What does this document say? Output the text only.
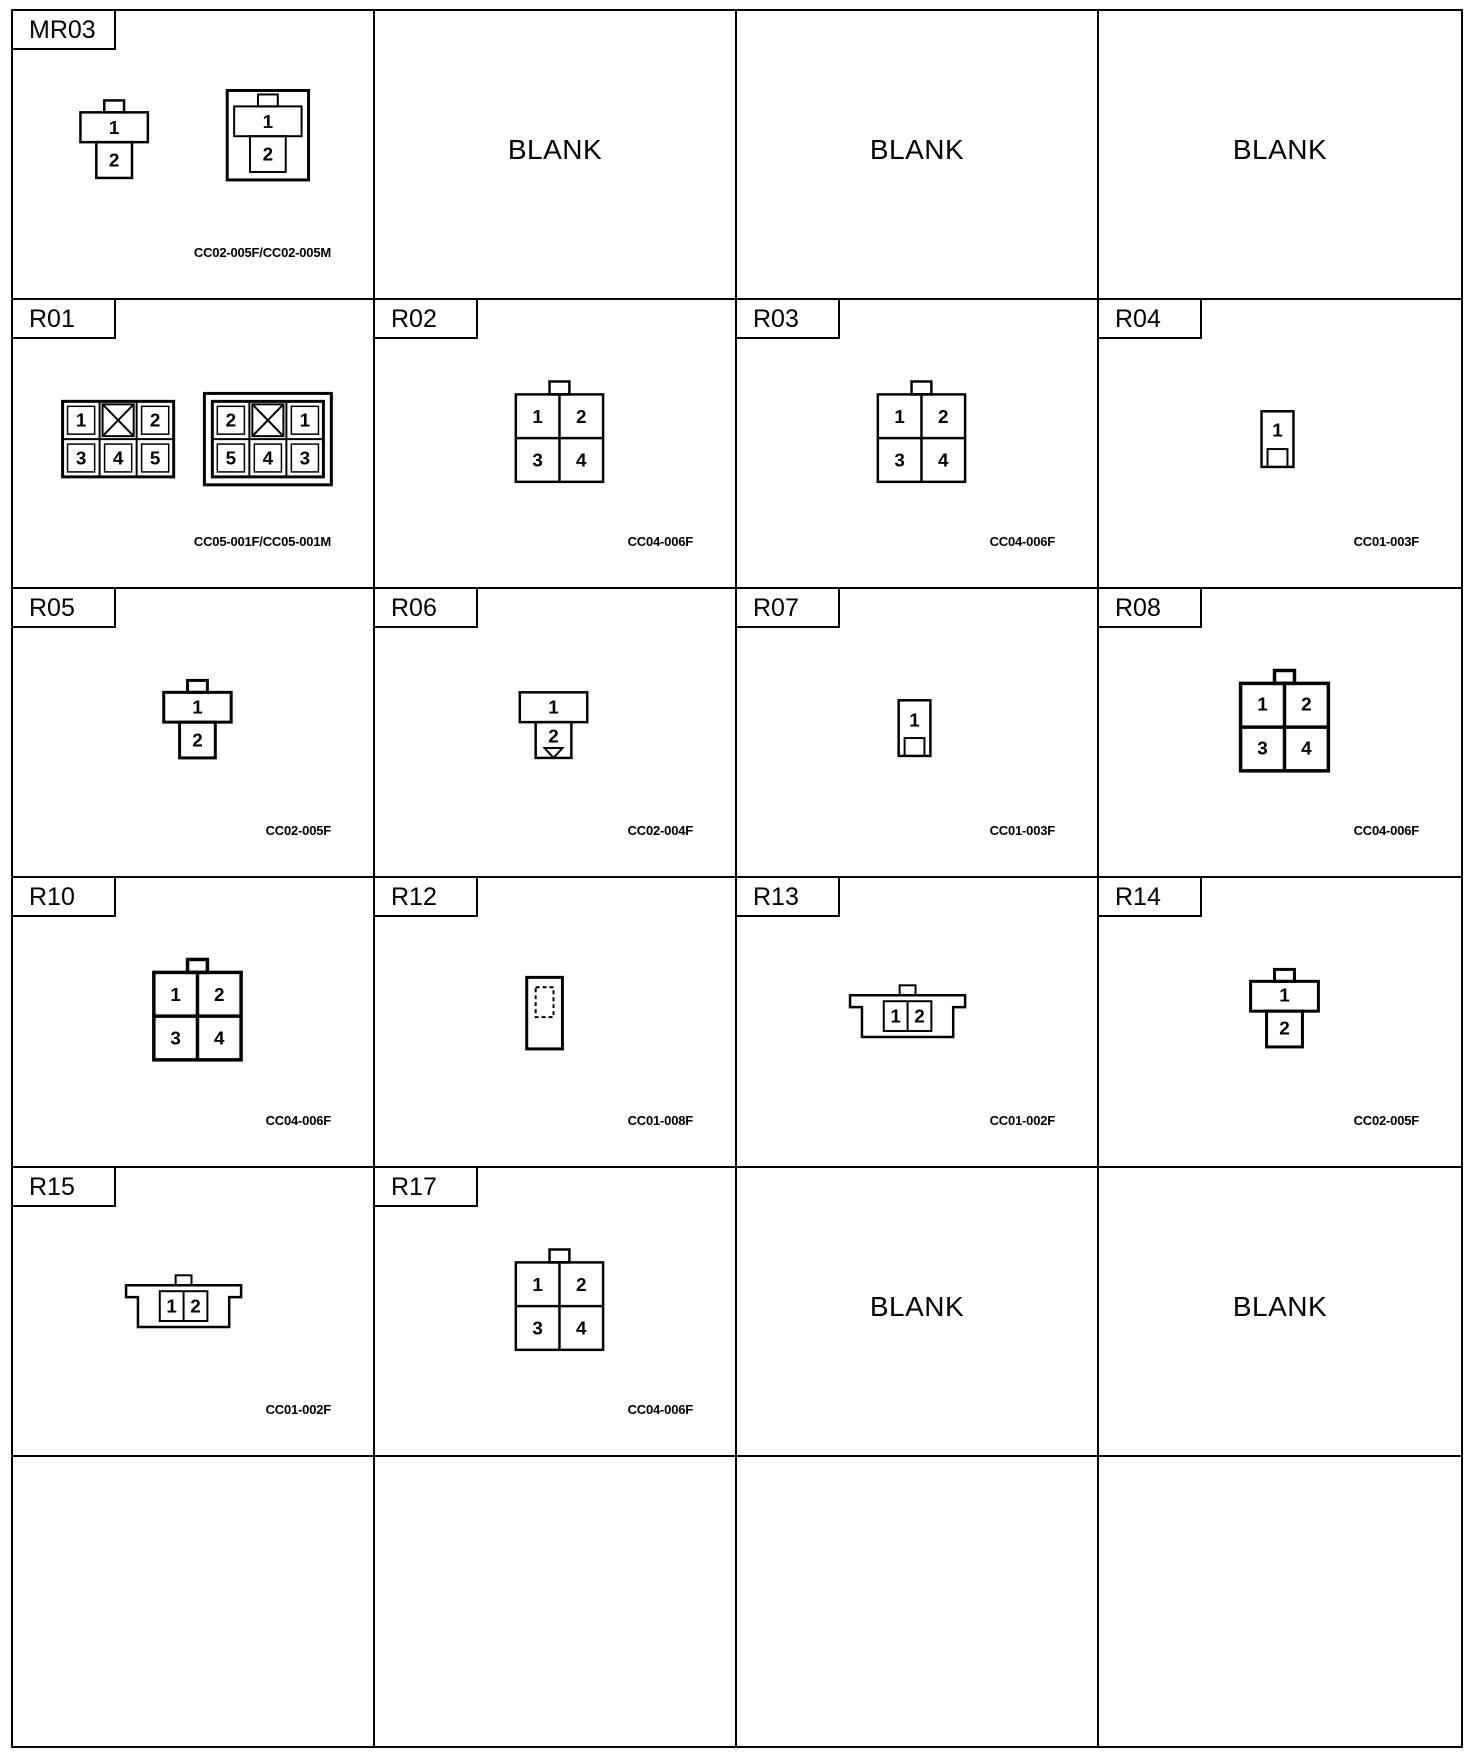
MR03
CC02-005F/CC02-005M
1
2
1
2	BLANK	BLANK	BLANK
R01
CC05-001F/CC05-001M
1	2
3 4 5
2	1
5 4 3
R02
CC04-006F
1 2
3 4
R03
CC04-006F
1 2
3 4
R04
CC01-003F
1
R05
CC02-005F
1
2
R06
CC02-004F
1
2
R07
CC01-003F
1
R08
CC04-006F
1 2
3 4
R10
CC04-006F
1 2
3 4
R12
CC01-008F
R13
CC01-002F
1 2
R14
CC02-005F
1
2
R15
CC01-002F
1 2
R17
CC04-006F
1 2
3 4
BLANK	BLANK
